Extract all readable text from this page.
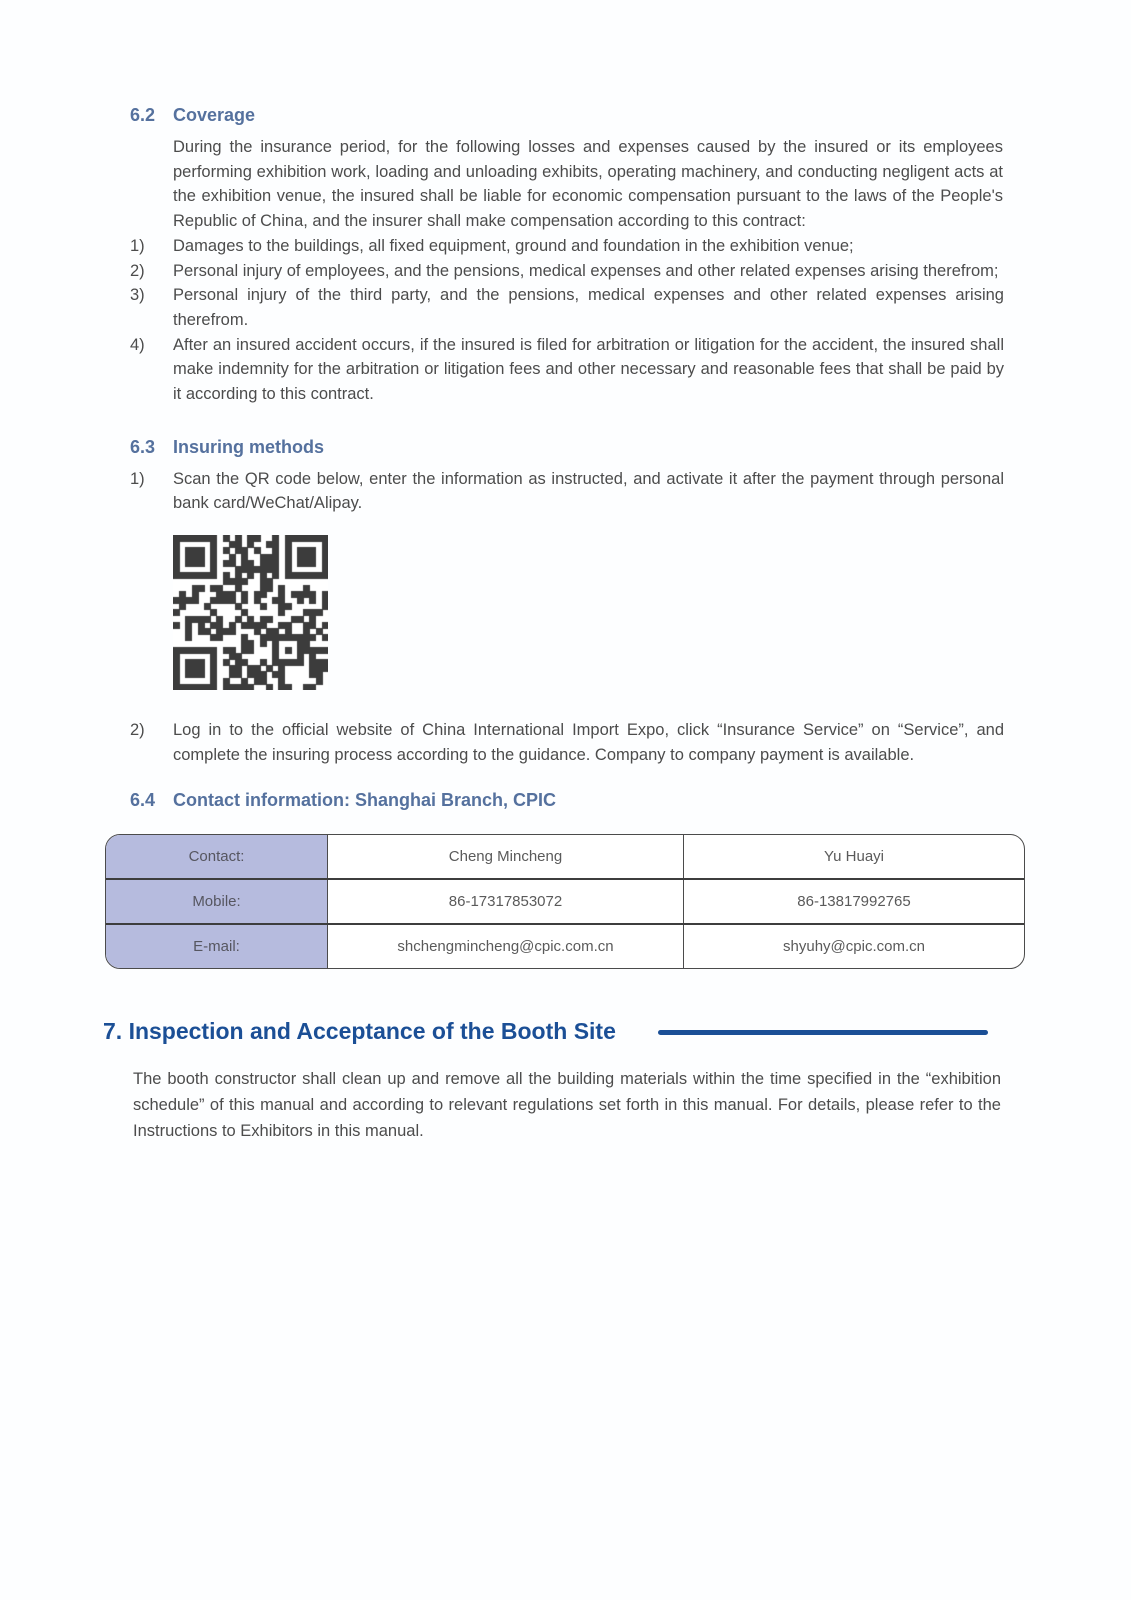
6.2 Coverage

During the insurance period, for the following losses and expenses caused by the insured or its employees performing exhibition work, loading and unloading exhibits, operating machinery, and conducting negligent acts at the exhibition venue, the insured shall be liable for economic compensation pursuant to the laws of the People's Republic of China, and the insurer shall make compensation according to this contract:

1)	Damages to the buildings, all fixed equipment, ground and foundation in the exhibition venue;
2)	Personal injury of employees, and the pensions, medical expenses and other related expenses arising therefrom;
3)	Personal injury of the third party, and the pensions, medical expenses and other related expenses arising therefrom.
4)	After an insured accident occurs, if the insured is filed for arbitration or litigation for the accident, the insured shall make indemnity for the arbitration or litigation fees and other necessary and reasonable fees that shall be paid by it according to this contract.
6.3 Insuring methods
1)	Scan the QR code below, enter the information as instructed, and activate it after the payment through personal bank card/WeChat/Alipay.
2)	Log in to the official website of China International Import Expo, click “Insurance Service” on “Service”, and complete the insuring process according to the guidance. Company to company payment is available.
6.4 Contact information: Shanghai Branch, CPIC
Contact:	Cheng Mincheng	Yu Huayi
Mobile:	86-17317853072	86-13817992765
E-mail:	shchengmincheng@cpic.com.cn	shyuhy@cpic.com.cn
7. Inspection and Acceptance of the Booth Site

The booth constructor shall clean up and remove all the building materials within the time specified in the “exhibition schedule” of this manual and according to relevant regulations set forth in this manual. For details, please refer to the Instructions to Exhibitors in this manual.
